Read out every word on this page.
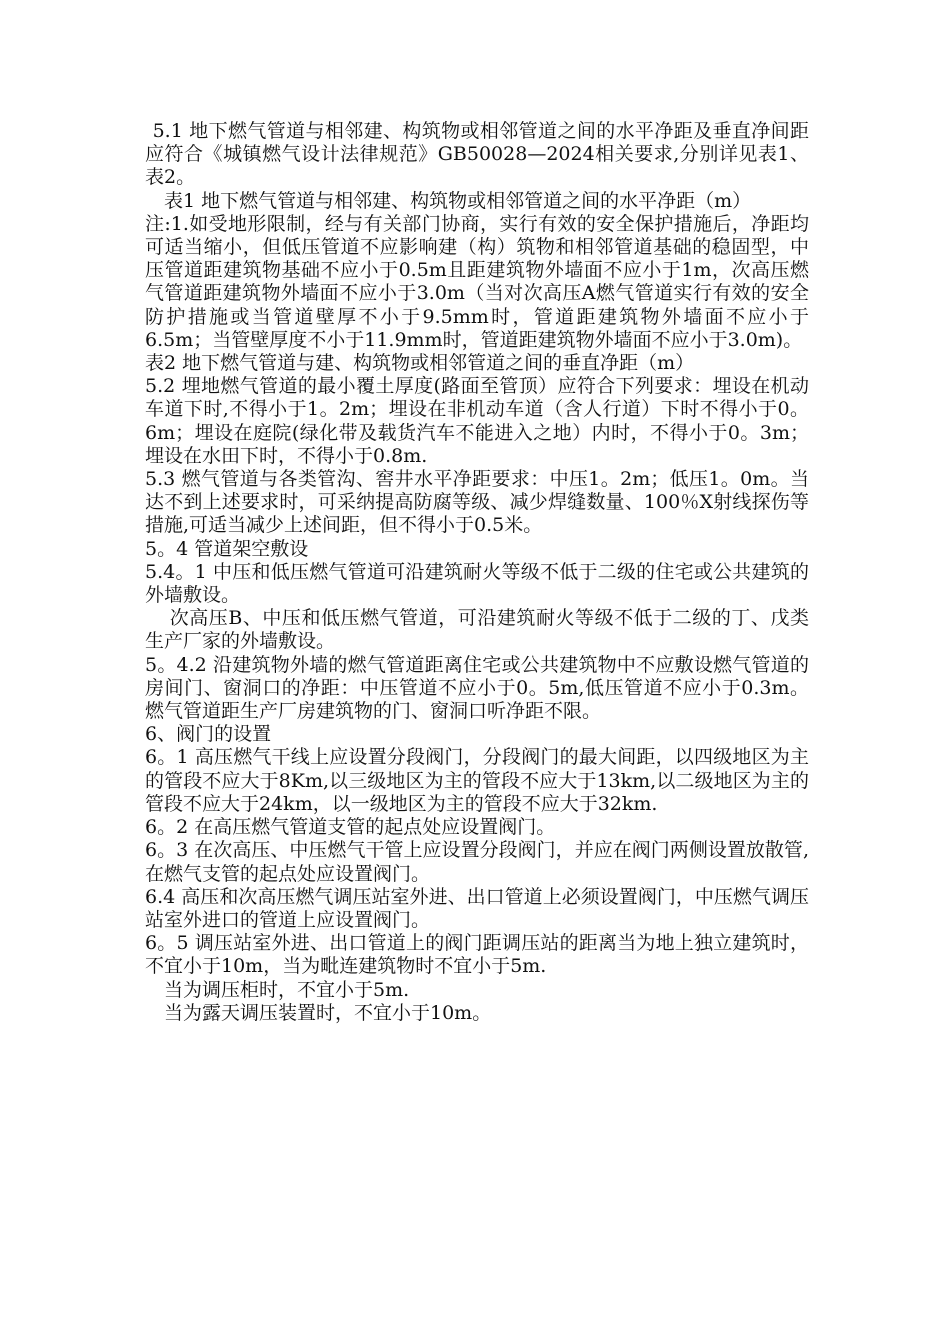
5.1 地下燃气管道与相邻建、构筑物或相邻管道之间的水平净距及垂直净间距应符合《城镇燃气设计法律规范》GB50028—2024相关要求,分别详见表1、表2。

表1 地下燃气管道与相邻建、构筑物或相邻管道之间的水平净距（m）

注:1.如受地形限制，经与有关部门协商，实行有效的安全保护措施后，净距均可适当缩小，但低压管道不应影响建（构）筑物和相邻管道基础的稳固型，中压管道距建筑物基础不应小于0.5m且距建筑物外墙面不应小于1m，次高压燃气管道距建筑物外墙面不应小于3.0m（当对次高压A燃气管道实行有效的安全防护措施或当管道壁厚不小于9.5mm时，管道距建筑物外墙面不应小于6.5m；当管壁厚度不小于11.9mm时，管道距建筑物外墙面不应小于3.0m)。

表2 地下燃气管道与建、构筑物或相邻管道之间的垂直净距（m）

5.2 埋地燃气管道的最小覆土厚度(路面至管顶）应符合下列要求：埋设在机动车道下时,不得小于1。2m；埋设在非机动车道（含人行道）下时不得小于0。6m；埋设在庭院(绿化带及载货汽车不能进入之地）内时，不得小于0。3m；埋设在水田下时，不得小于0.8m.

5.3 燃气管道与各类管沟、窖井水平净距要求：中压1。2m；低压1。0m。当达不到上述要求时，可采纳提高防腐等级、减少焊缝数量、100％X射线探伤等措施,可适当减少上述间距，但不得小于0.5米。

5。4 管道架空敷设

5.4。1 中压和低压燃气管道可沿建筑耐火等级不低于二级的住宅或公共建筑的外墙敷设。

次高压B、中压和低压燃气管道，可沿建筑耐火等级不低于二级的丁、戊类生产厂家的外墙敷设。

5。4.2 沿建筑物外墙的燃气管道距离住宅或公共建筑物中不应敷设燃气管道的房间门、窗洞口的净距：中压管道不应小于0。5m,低压管道不应小于0.3m。燃气管道距生产厂房建筑物的门、窗洞口听净距不限。

6、阀门的设置

6。1 高压燃气干线上应设置分段阀门，分段阀门的最大间距，以四级地区为主的管段不应大于8Km,以三级地区为主的管段不应大于13km,以二级地区为主的管段不应大于24km，以一级地区为主的管段不应大于32km.

6。2 在高压燃气管道支管的起点处应设置阀门。

6。3 在次高压、中压燃气干管上应设置分段阀门，并应在阀门两侧设置放散管,在燃气支管的起点处应设置阀门。

6.4 高压和次高压燃气调压站室外进、出口管道上必须设置阀门，中压燃气调压站室外进口的管道上应设置阀门。

6。5 调压站室外进、出口管道上的阀门距调压站的距离当为地上独立建筑时，不宜小于10m，当为毗连建筑物时不宜小于5m.

当为调压柜时，不宜小于5m.

当为露天调压装置时，不宜小于10m。
